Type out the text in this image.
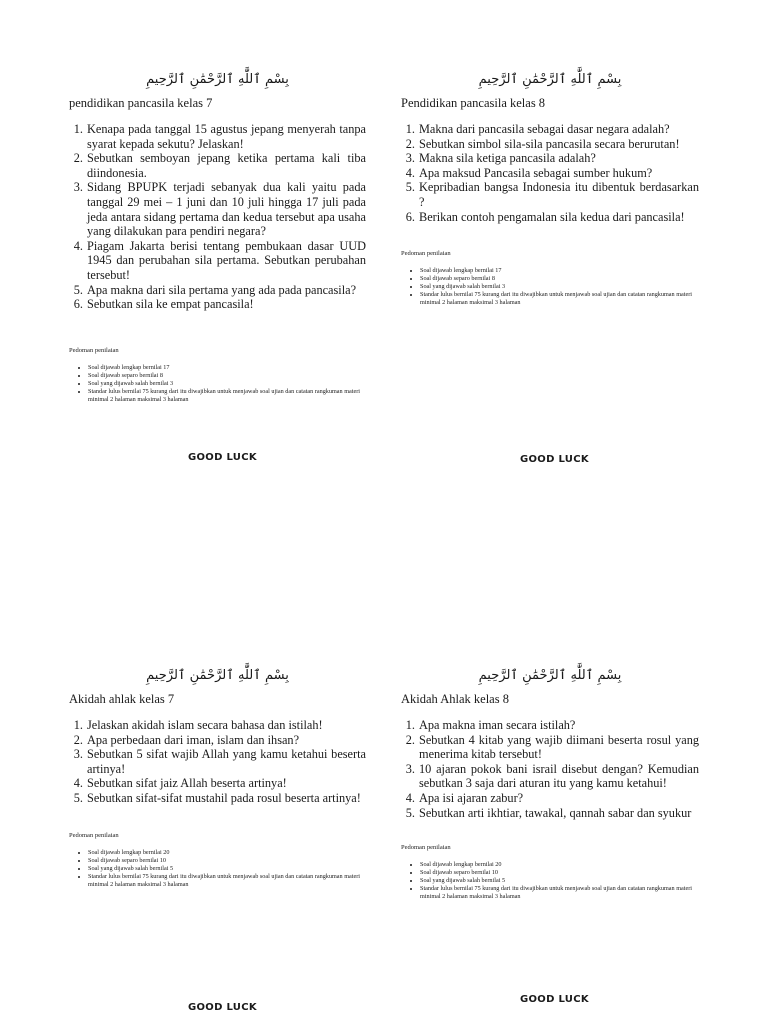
بِسْمِ ٱللَّٰهِ ٱلرَّحْمَٰنِ ٱلرَّحِيمِ
pendidikan pancasila kelas 7
1. Kenapa pada tanggal 15 agustus jepang menyerah tanpa syarat kepada sekutu? Jelaskan!
2. Sebutkan semboyan jepang ketika pertama kali tiba diindonesia.
3. Sidang BPUPK terjadi sebanyak dua kali yaitu pada tanggal 29 mei – 1 juni dan 10 juli hingga 17 juli pada jeda antara sidang pertama dan kedua tersebut apa usaha yang dilakukan para pendiri negara?
4. Piagam Jakarta berisi tentang pembukaan dasar UUD 1945 dan perubahan sila pertama. Sebutkan perubahan tersebut!
5. Apa makna dari sila pertama yang ada pada pancasila?
6. Sebutkan sila ke empat pancasila!
Pedoman penilaian
• Soal dijawab lengkap bernilai 17
• Soal dijawab separo bernilai 8
• Soal yang dijawab salah bernilai 3
• Standar lulus bernilai 75 kurang dari itu diwajibkan untuk menjawab soal ujian dan catatan rangkuman materi minimal 2 halaman maksimal 3 halaman
GOOD LUCK
بِسْمِ ٱللَّٰهِ ٱلرَّحْمَٰنِ ٱلرَّحِيمِ
Pendidikan pancasila kelas 8
1. Makna dari pancasila sebagai dasar negara adalah?
2. Sebutkan simbol sila-sila pancasila secara berurutan!
3. Makna sila ketiga pancasila adalah?
4. Apa maksud Pancasila sebagai sumber hukum?
5. Kepribadian bangsa Indonesia itu dibentuk berdasarkan ?
6. Berikan contoh pengamalan sila kedua dari pancasila!
Pedoman penilaian
• Soal dijawab lengkap bernilai 17
• Soal dijawab separo bernilai 8
• Soal yang dijawab salah bernilai 3
• Standar lulus bernilai 75 kurang dari itu diwajibkan untuk menjawab soal ujian dan catatan rangkuman materi minimal 2 halaman maksimal 3 halaman
GOOD LUCK
بِسْمِ ٱللَّٰهِ ٱلرَّحْمَٰنِ ٱلرَّحِيمِ
Akidah ahlak kelas 7
1. Jelaskan akidah islam secara bahasa dan istilah!
2. Apa perbedaan dari iman, islam dan ihsan?
3. Sebutkan 5 sifat wajib Allah yang kamu ketahui beserta artinya!
4. Sebutkan sifat jaiz Allah beserta artinya!
5. Sebutkan sifat-sifat mustahil pada rosul beserta artinya!
Pedoman penilaian
• Soal dijawab lengkap bernilai 20
• Soal dijawab separo bernilai 10
• Soal yang dijawab salah bernilai 5
• Standar lulus bernilai 75 kurang dari itu diwajibkan untuk menjawab soal ujian dan catatan rangkuman materi minimal 2 halaman maksimal 3 halaman
GOOD LUCK
بِسْمِ ٱللَّٰهِ ٱلرَّحْمَٰنِ ٱلرَّحِيمِ
Akidah Ahlak kelas 8
1. Apa makna iman secara istilah?
2. Sebutkan 4 kitab yang wajib diimani beserta rosul yang menerima kitab tersebut!
3. 10 ajaran pokok bani israil disebut dengan? Kemudian sebutkan 3 saja dari aturan itu yang kamu ketahui!
4. Apa isi ajaran zabur?
5. Sebutkan arti ikhtiar, tawakal, qannah sabar dan syukur
Pedoman penilaian
• Soal dijawab lengkap bernilai 20
• Soal dijawab separo bernilai 10
• Soal yang dijawab salah bernilai 5
• Standar lulus bernilai 75 kurang dari itu diwajibkan untuk menjawab soal ujian dan catatan rangkuman materi minimal 2 halaman maksimal 3 halaman
GOOD LUCK
